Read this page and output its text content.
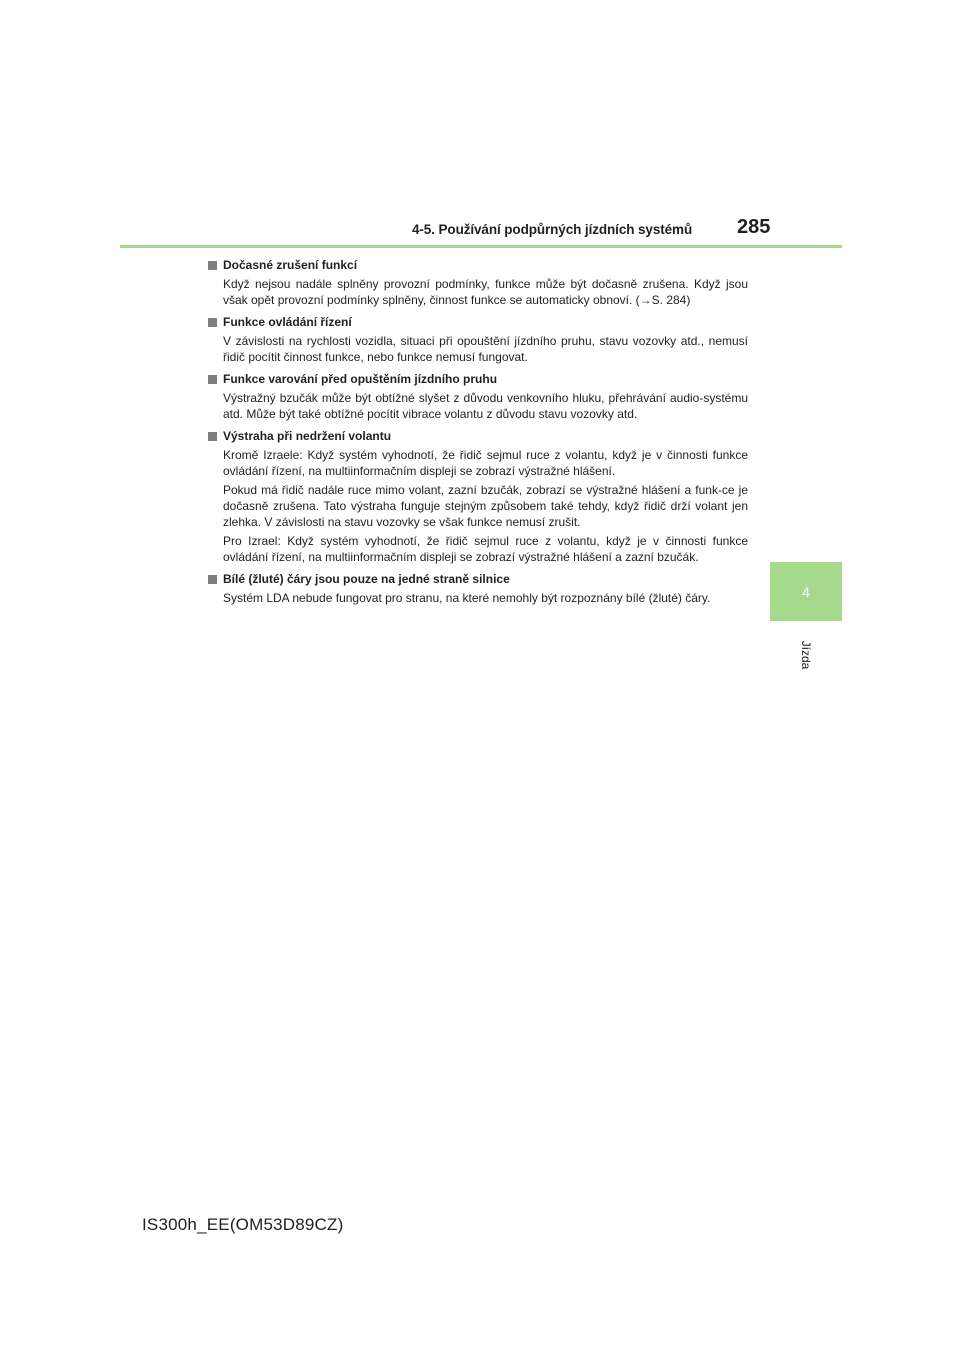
4-5. Používání podpůrných jízdních systémů 285
4
Jízda
Dočasné zrušení funkcí

Když nejsou nadále splněny provozní podmínky, funkce může být dočasně zrušena. Když jsou však opět provozní podmínky splněny, činnost funkce se automaticky obnoví. (→S. 284)

Funkce ovládání řízení

V závislosti na rychlosti vozidla, situaci při opouštění jízdního pruhu, stavu vozovky atd., nemusí řidič pocítit činnost funkce, nebo funkce nemusí fungovat.

Funkce varování před opuštěním jízdního pruhu

Výstražný bzučák může být obtížné slyšet z důvodu venkovního hluku, přehrávání audio-systému atd. Může být také obtížné pocítit vibrace volantu z důvodu stavu vozovky atd.

Výstraha při nedržení volantu

Kromě Izraele: Když systém vyhodnotí, že řidič sejmul ruce z volantu, když je v činnosti funkce ovládání řízení, na multiinformačním displeji se zobrazí výstražné hlášení.

Pokud má řidič nadále ruce mimo volant, zazní bzučák, zobrazí se výstražné hlášení a funk-ce je dočasně zrušena. Tato výstraha funguje stejným způsobem také tehdy, když řidič drží volant jen zlehka. V závislosti na stavu vozovky se však funkce nemusí zrušit.

Pro Izrael: Když systém vyhodnotí, že řidič sejmul ruce z volantu, když je v činnosti funkce ovládání řízení, na multiinformačním displeji se zobrazí výstražné hlášení a zazní bzučák.

Bílé (žluté) čáry jsou pouze na jedné straně silnice

Systém LDA nebude fungovat pro stranu, na které nemohly být rozpoznány bílé (žluté) čáry.

IS300h_EE(OM53D89CZ)
